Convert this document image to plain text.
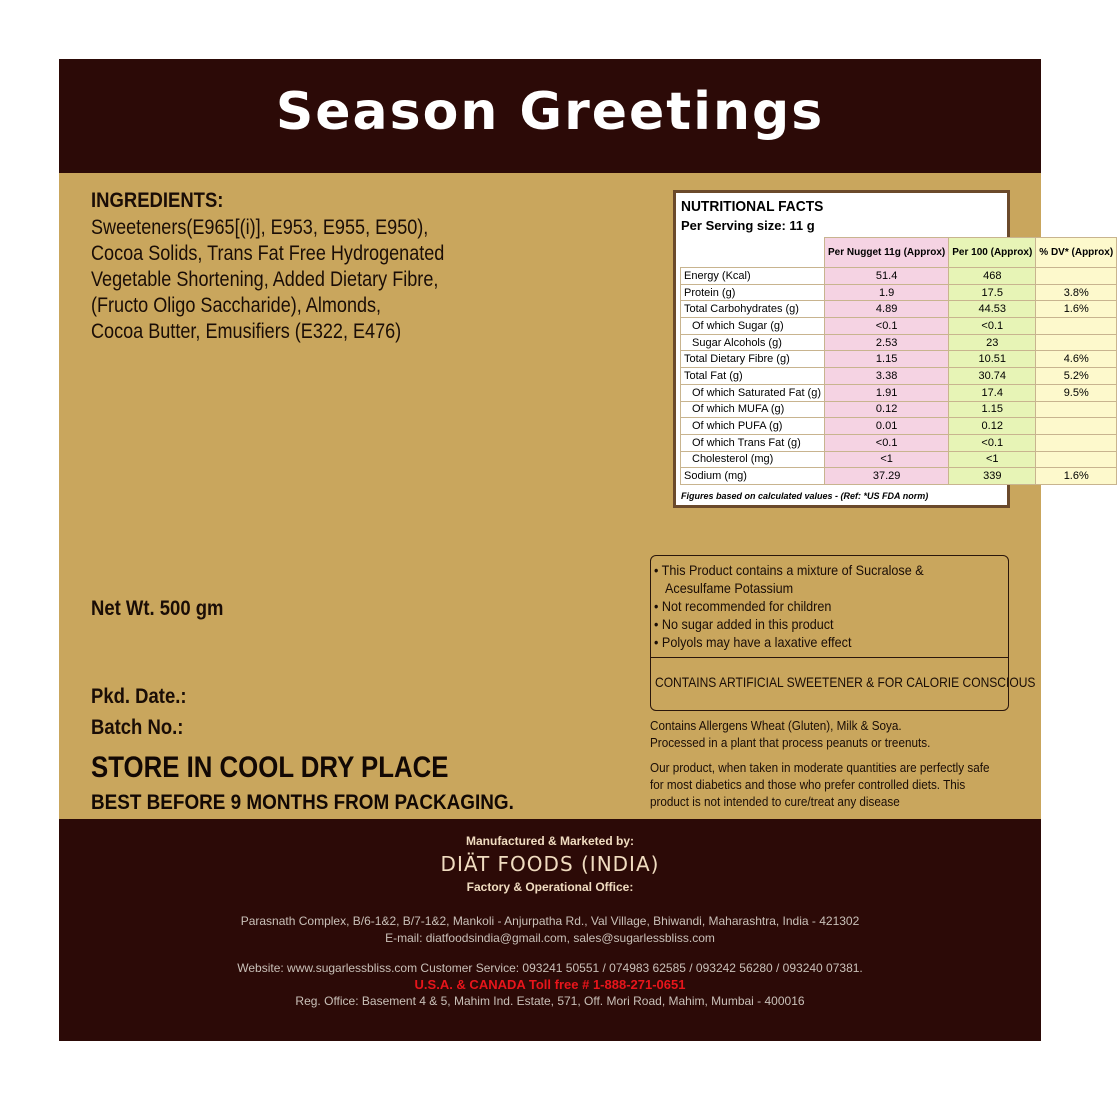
Season Greetings
INGREDIENTS:
Sweeteners(E965[(i)], E953, E955, E950),
Cocoa Solids, Trans Fat Free Hydrogenated
Vegetable Shortening, Added Dietary Fibre,
(Fructo Oligo Saccharide), Almonds,
Cocoa Butter, Emusifiers (E322, E476)
Net Wt. 500 gm
Pkd. Date.:
Batch No.:
STORE IN COOL DRY PLACE
BEST BEFORE 9 MONTHS FROM PACKAGING.
NUTRITIONAL FACTS
Per Serving size: 11 g
	Per Nugget 11g (Approx)	Per 100 (Approx)	% DV* (Approx)
Energy (Kcal)	51.4	468	
Protein (g)	1.9	17.5	3.8%
Total Carbohydrates (g)	4.89	44.53	1.6%
Of which Sugar (g)	<0.1	<0.1	
Sugar Alcohols (g)	2.53	23	
Total Dietary Fibre (g)	1.15	10.51	4.6%
Total Fat (g)	3.38	30.74	5.2%
Of which Saturated Fat (g)	1.91	17.4	9.5%
Of which MUFA (g)	0.12	1.15	
Of which PUFA (g)	0.01	0.12	
Of which Trans Fat (g)	<0.1	<0.1	
Cholesterol (mg)	<1	<1	
Sodium (mg)	37.29	339	1.6%
Figures based on calculated values - (Ref: *US FDA norm)
• This Product contains a mixture of Sucralose &
Acesulfame Potassium
• Not recommended for children
• No sugar added in this product
• Polyols may have a laxative effect
CONTAINS ARTIFICIAL SWEETENER & FOR CALORIE CONSCIOUS
Contains Allergens Wheat (Gluten), Milk & Soya.
Processed in a plant that process peanuts or treenuts.
Our product, when taken in moderate quantities are perfectly safe
for most diabetics and those who prefer controlled diets. This
product is not intended to cure/treat any disease
Manufactured & Marketed by:
DIÄT FOODS (INDIA)
Factory & Operational Office:
Parasnath Complex, B/6-1&2, B/7-1&2, Mankoli - Anjurpatha Rd., Val Village, Bhiwandi, Maharashtra, India - 421302
E-mail: diatfoodsindia@gmail.com, sales@sugarlessbliss.com
Website: www.sugarlessbliss.com Customer Service: 093241 50551 / 074983 62585 / 093242 56280 / 093240 07381.
U.S.A. & CANADA Toll free # 1-888-271-0651
Reg. Office: Basement 4 & 5, Mahim Ind. Estate, 571, Off. Mori Road, Mahim, Mumbai - 400016
